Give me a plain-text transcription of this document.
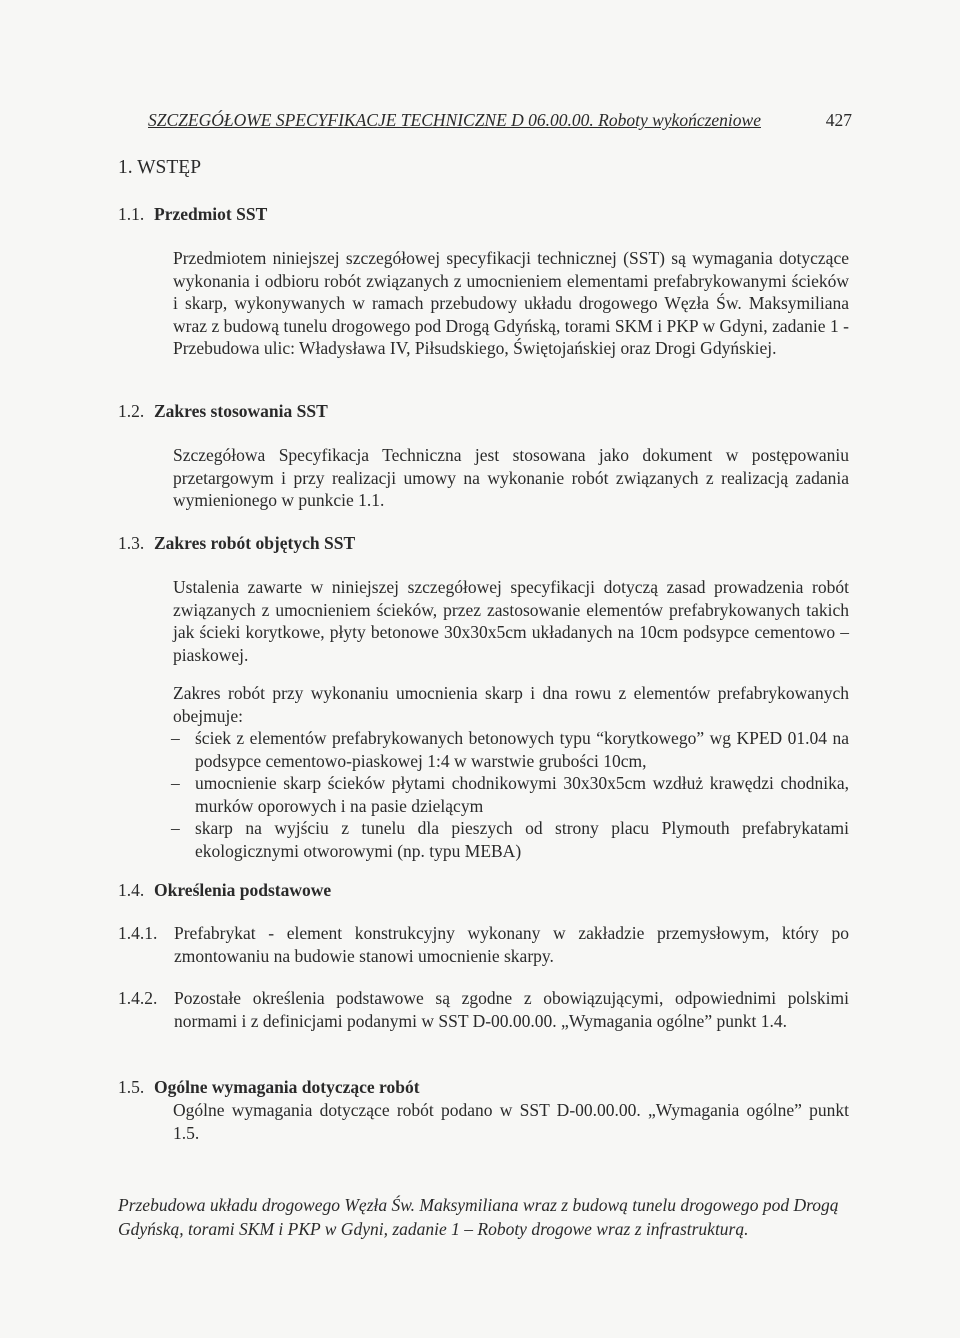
SZCZEGÓŁOWE SPECYFIKACJE TECHNICZNE D 06.00.00. Roboty wykończeniowe	427
1. WSTĘP
1.1. Przedmiot SST
Przedmiotem niniejszej szczegółowej specyfikacji technicznej (SST) są wymagania dotyczące wykonania i odbioru robót związanych z umocnieniem elementami prefabrykowanymi ścieków i skarp, wykonywanych w ramach przebudowy układu drogowego Węzła Św. Maksymiliana wraz z budową tunelu drogowego pod Drogą Gdyńską, torami SKM i PKP w Gdyni, zadanie 1 - Przebudowa ulic: Władysława IV, Piłsudskiego, Świętojańskiej oraz Drogi Gdyńskiej.
1.2. Zakres stosowania SST
Szczegółowa Specyfikacja Techniczna jest stosowana jako dokument w postępowaniu przetargowym i przy realizacji umowy na wykonanie robót związanych z realizacją zadania wymienionego w punkcie 1.1.
1.3. Zakres robót objętych SST
Ustalenia zawarte w niniejszej szczegółowej specyfikacji dotyczą zasad prowadzenia robót związanych z umocnieniem ścieków, przez zastosowanie elementów prefabrykowanych takich jak ścieki korytkowe, płyty betonowe 30x30x5cm układanych na 10cm podsypce cementowo – piaskowej.
Zakres robót przy wykonaniu umocnienia skarp i dna rowu z elementów prefabrykowanych obejmuje:
– ściek z elementów prefabrykowanych betonowych typu “korytkowego” wg KPED 01.04 na podsypce cementowo-piaskowej 1:4 w warstwie grubości 10cm,
– umocnienie skarp ścieków płytami chodnikowymi 30x30x5cm wzdłuż krawędzi chodnika, murków oporowych i na pasie dzielącym
– skarp na wyjściu z tunelu dla pieszych od strony placu Plymouth prefabrykatami ekologicznymi otworowymi (np. typu MEBA)
1.4. Określenia podstawowe
1.4.1. Prefabrykat - element konstrukcyjny wykonany w zakładzie przemysłowym, który po zmontowaniu na budowie stanowi umocnienie skarpy.
1.4.2. Pozostałe określenia podstawowe są zgodne z obowiązującymi, odpowiednimi polskimi normami i z definicjami podanymi w SST D-00.00.00. „Wymagania ogólne” punkt 1.4.
1.5. Ogólne wymagania dotyczące robót
Ogólne wymagania dotyczące robót podano w SST D-00.00.00. „Wymagania ogólne” punkt 1.5.
Przebudowa układu drogowego Węzła Św. Maksymiliana wraz z budową tunelu drogowego pod Drogą Gdyńską, torami SKM i PKP w Gdyni, zadanie 1 – Roboty drogowe wraz z infrastrukturą.
